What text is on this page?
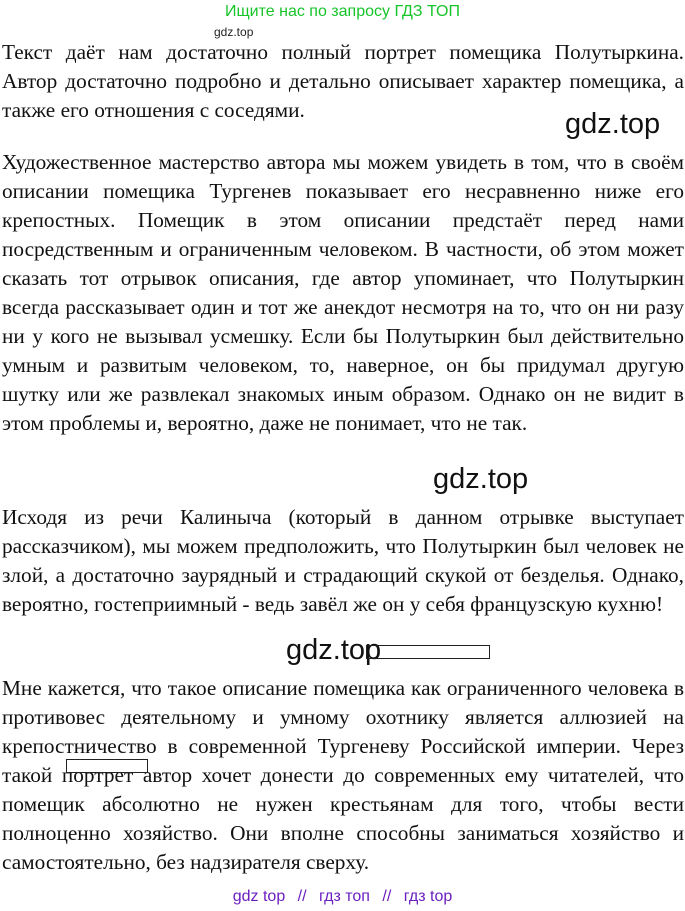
Ищите нас по запросу ГДЗ ТОП
gdz.top

Текст даёт нам достаточно полный портрет помещика Полутыркина. Автор достаточно подробно и детально описывает характер помещика, а также его отношения с соседями.

Художественное мастерство автора мы можем увидеть в том, что в своём описании помещика Тургенев показывает его несравненно ниже его крепостных. Помещик в этом описании предстаёт перед нами посредственным и ограниченным человеком. В частности, об этом может сказать тот отрывок описания, где автор упоминает, что Полутыркин всегда рассказывает один и тот же анекдот несмотря на то, что он ни разу ни у кого не вызывал усмешку. Если бы Полутыркин был действительно умным и развитым человеком, то, наверное, он бы придумал другую шутку или же развлекал знакомых иным образом. Однако он не видит в этом проблемы и, вероятно, даже не понимает, что не так.

Исходя из речи Калиныча (который в данном отрывке выступает рассказчиком), мы можем предположить, что Полутыркин был человек не злой, а достаточно заурядный и страдающий скукой от безделья. Однако, вероятно, гостеприимный - ведь завёл же он у себя французскую кухню!

Мне кажется, что такое описание помещика как ограниченного человека в противовес деятельному и умному охотнику является аллюзией на крепостничество в современной Тургеневу Российской империи. Через такой портрет автор хочет донести до современных ему читателей, что помещик абсолютно не нужен крестьянам для того, чтобы вести полноценно хозяйство. Они вполне способны заниматься хозяйство и самостоятельно, без надзирателя сверху.

gdz.top
gdz.top
gdz.top
gdz top // гдз топ // гдз top
